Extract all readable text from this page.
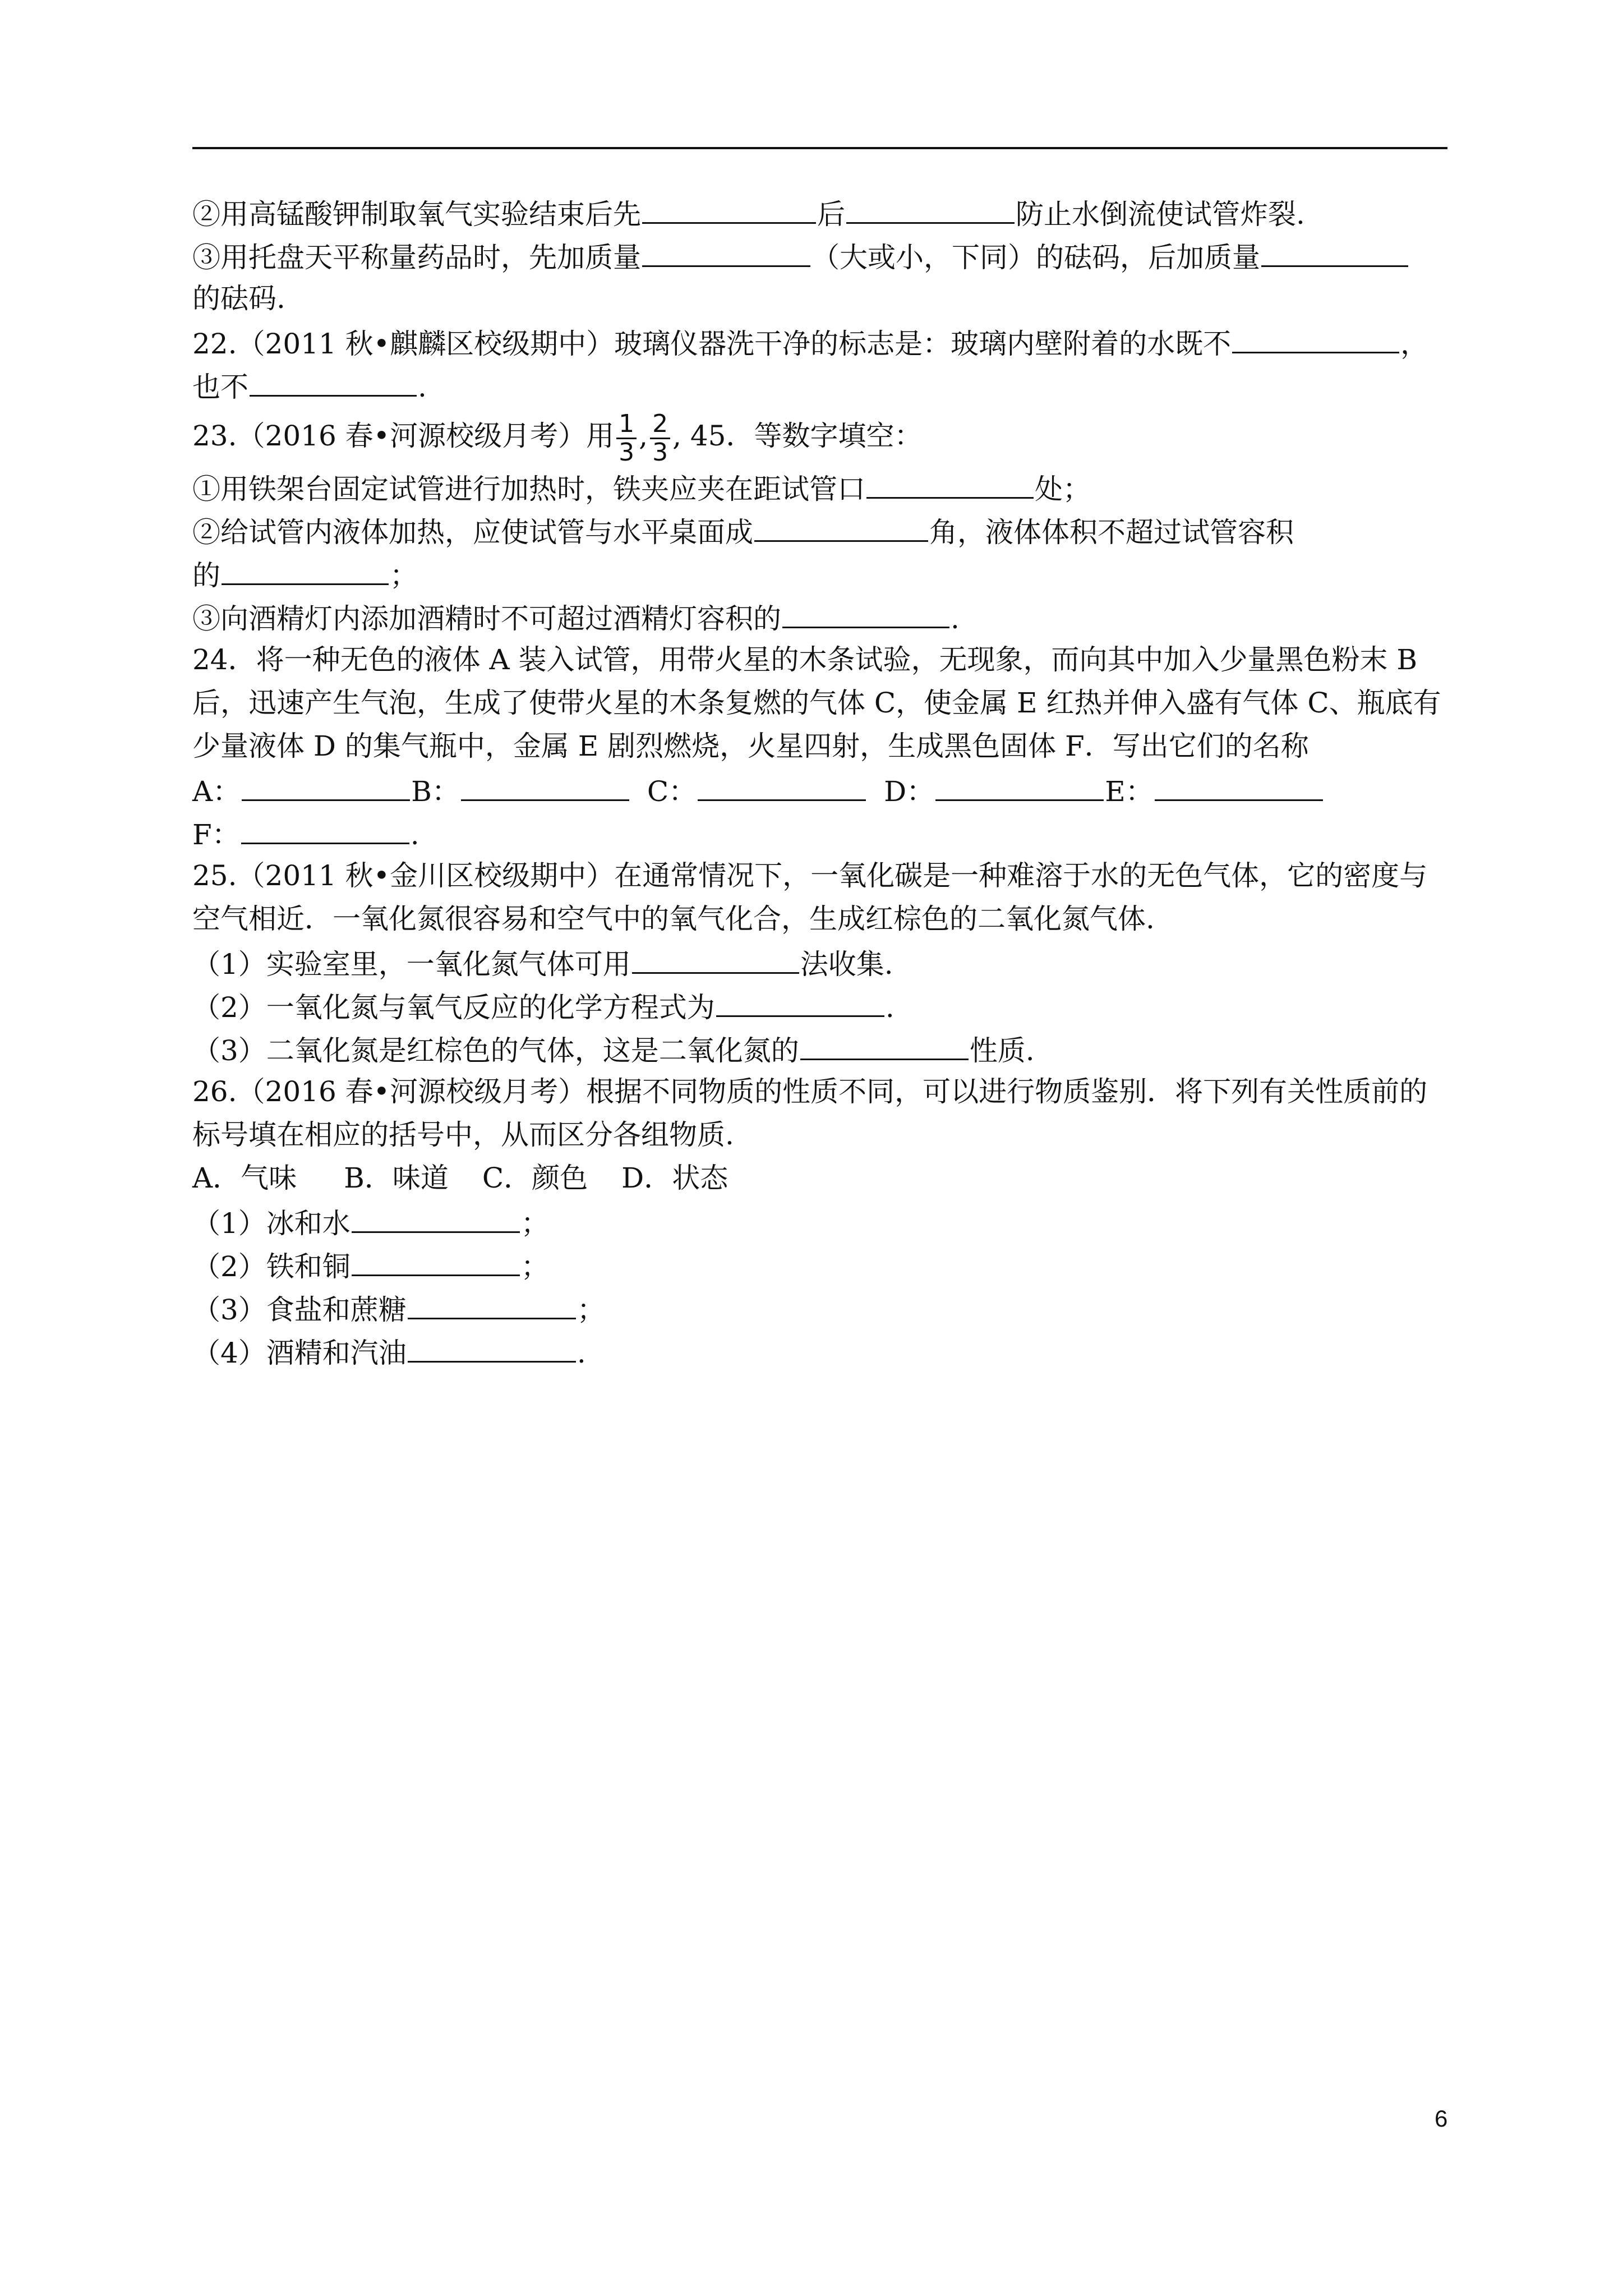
②用高锰酸钾制取氧气实验结束后先	后	防止水倒流使试管炸裂.
③用托盘天平称量药品时，先加质量	（大或小，下同）的砝码，后加质量
的砝码.
22.（2011 秋•麒麟区校级期中）玻璃仪器洗干净的标志是：玻璃内壁附着的水既不	，
也不	.
23.（2016 春•河源校级月考）用 $\frac{1}{3}$ , $\frac{2}{3}$ , 45．等数字填空：
①用铁架台固定试管进行加热时，铁夹应夹在距试管口	处；
②给试管内液体加热，应使试管与水平桌面成	角，液体体积不超过试管容积
的	；
③向酒精灯内添加酒精时不可超过酒精灯容积的	.
24．将一种无色的液体 A 装入试管，用带火星的木条试验，无现象，而向其中加入少量黑色粉末 B
后，迅速产生气泡，生成了使带火星的木条复燃的气体 C，使金属 E 红热并伸入盛有气体 C、瓶底有
少量液体 D 的集气瓶中，金属 E 剧烈燃烧，火星四射，生成黑色固体 F．写出它们的名称
A：	B：	C：	D：	E：
F：	.
25.（2011 秋•金川区校级期中）在通常情况下，一氧化碳是一种难溶于水的无色气体，它的密度与
空气相近．一氧化氮很容易和空气中的氧气化合，生成红棕色的二氧化氮气体.
（1）实验室里，一氧化氮气体可用	法收集.
（2）一氧化氮与氧气反应的化学方程式为	.
（3）二氧化氮是红棕色的气体，这是二氧化氮的	性质.
26.（2016 春•河源校级月考）根据不同物质的性质不同，可以进行物质鉴别．将下列有关性质前的
标号填在相应的括号中，从而区分各组物质.
A．气味 B．味道 C．颜色 D．状态
（1）冰和水	；
（2）铁和铜	；
（3）食盐和蔗糖	；
（4）酒精和汽油	.
6
